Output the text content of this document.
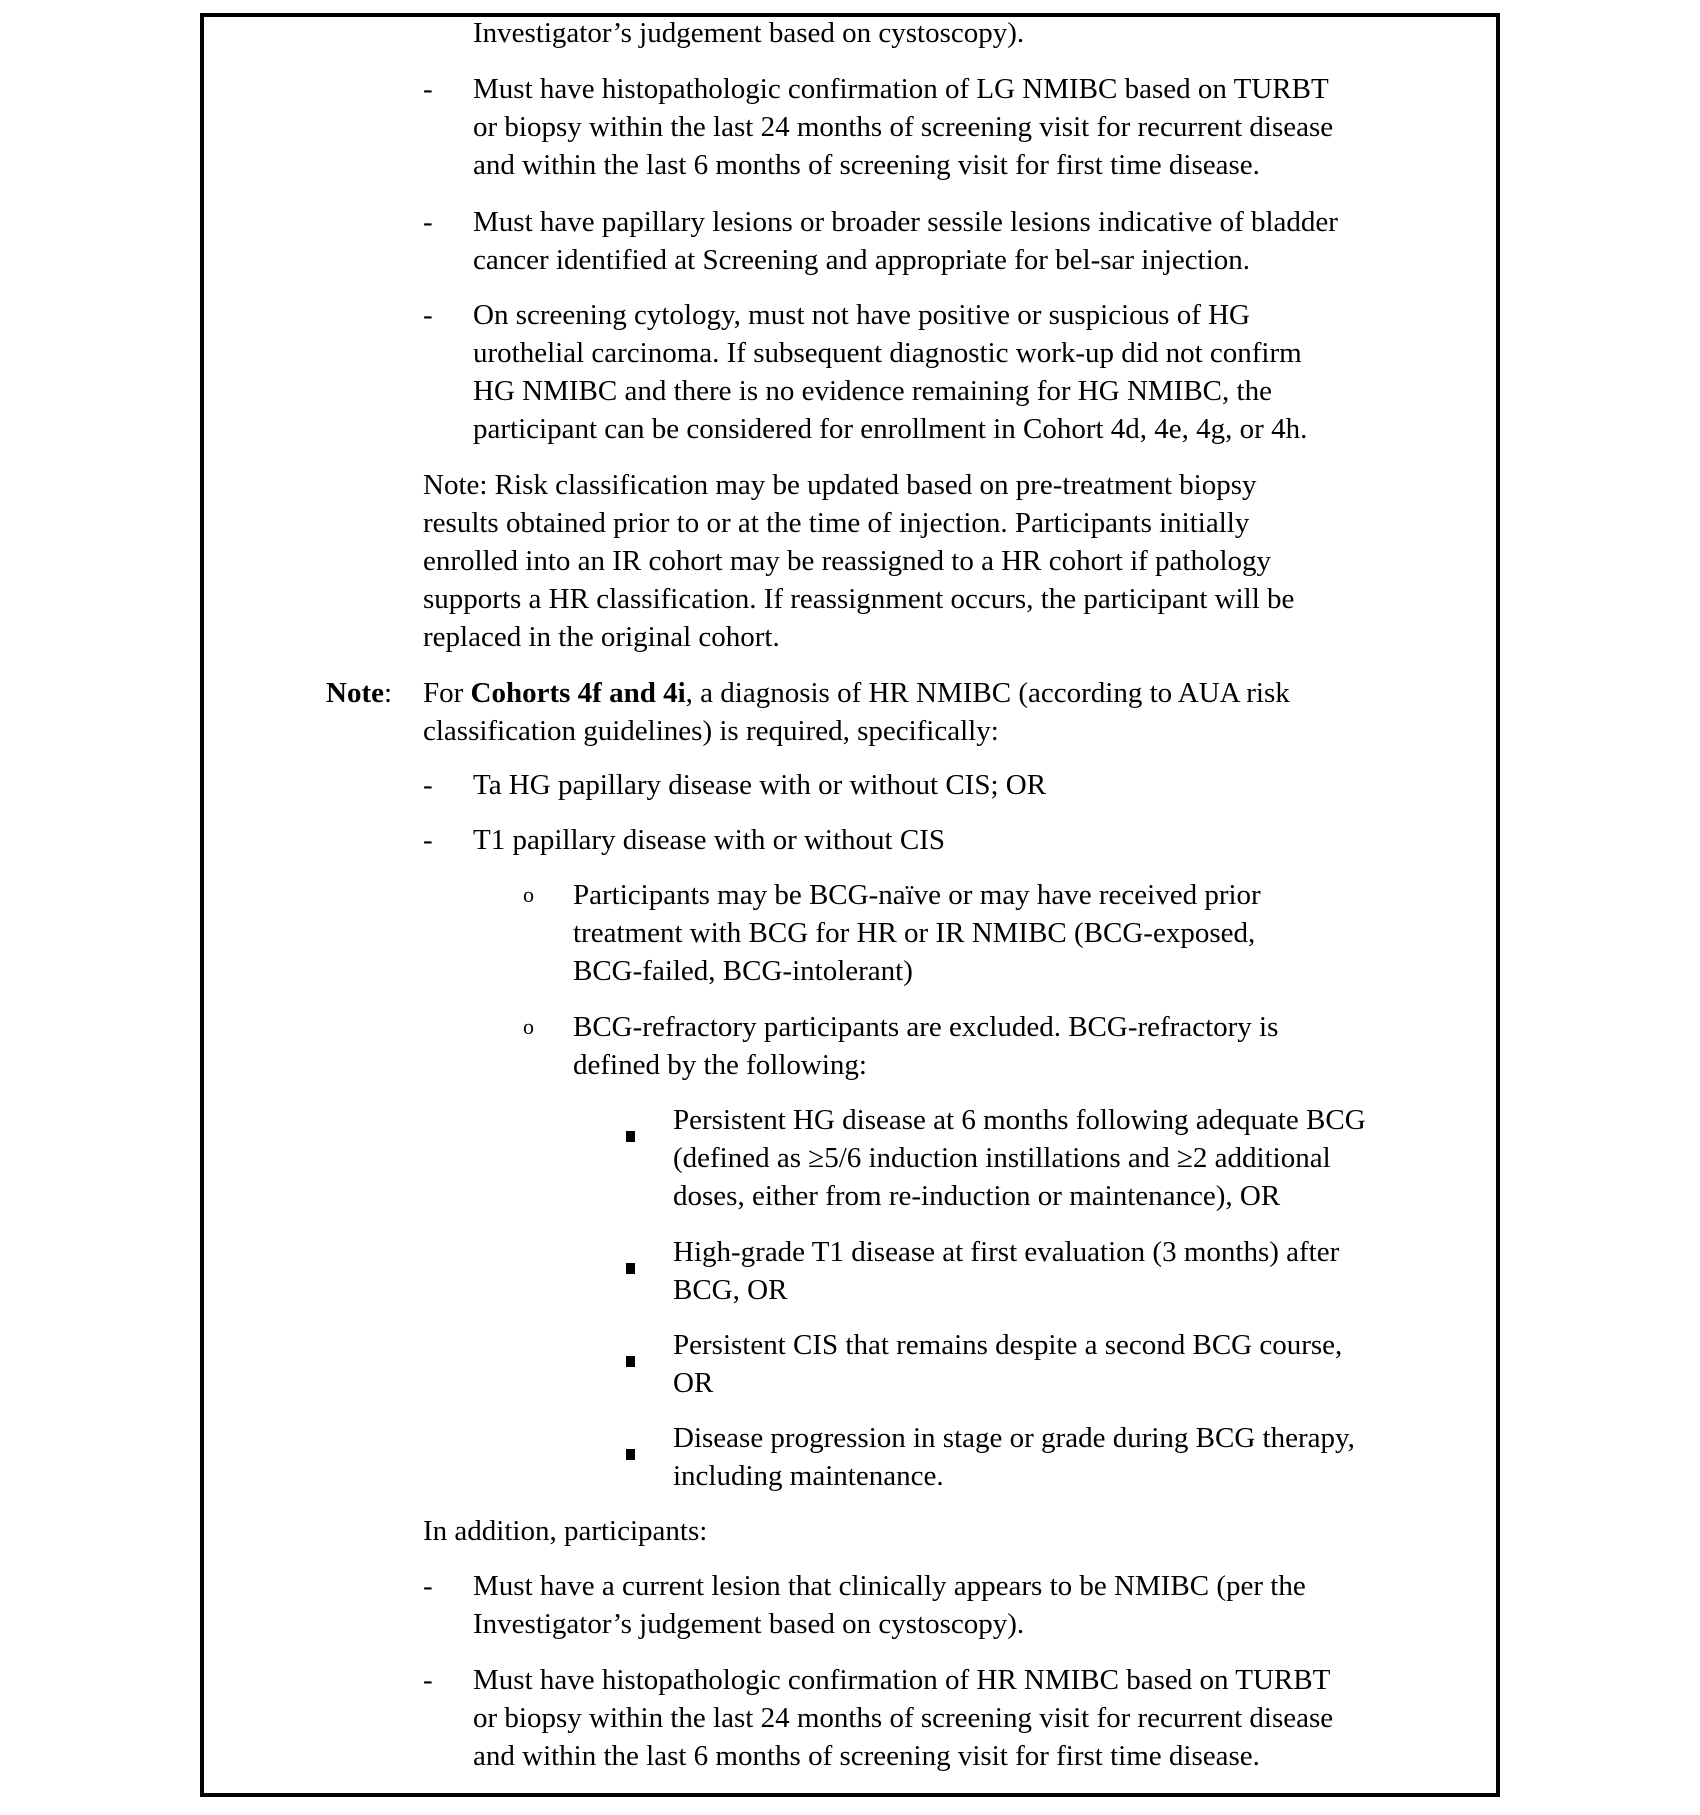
Investigator’s judgement based on cystoscopy).
- Must have histopathologic confirmation of LG NMIBC based on TURBT
or biopsy within the last 24 months of screening visit for recurrent disease
and within the last 6 months of screening visit for first time disease.
- Must have papillary lesions or broader sessile lesions indicative of bladder
cancer identified at Screening and appropriate for bel-sar injection.
- On screening cytology, must not have positive or suspicious of HG
urothelial carcinoma. If subsequent diagnostic work-up did not confirm
HG NMIBC and there is no evidence remaining for HG NMIBC, the
participant can be considered for enrollment in Cohort 4d, 4e, 4g, or 4h.
Note: Risk classification may be updated based on pre-treatment biopsy
results obtained prior to or at the time of injection. Participants initially
enrolled into an IR cohort may be reassigned to a HR cohort if pathology
supports a HR classification. If reassignment occurs, the participant will be
replaced in the original cohort.
Note: For Cohorts 4f and 4i, a diagnosis of HR NMIBC (according to AUA risk
classification guidelines) is required, specifically:
- Ta HG papillary disease with or without CIS; OR
- T1 papillary disease with or without CIS
o Participants may be BCG-naïve or may have received prior
treatment with BCG for HR or IR NMIBC (BCG-exposed,
BCG-failed, BCG-intolerant)
o BCG-refractory participants are excluded. BCG-refractory is
defined by the following:
Persistent HG disease at 6 months following adequate BCG
(defined as ≥5/6 induction instillations and ≥2 additional
doses, either from re-induction or maintenance), OR
High-grade T1 disease at first evaluation (3 months) after
BCG, OR
Persistent CIS that remains despite a second BCG course,
OR
Disease progression in stage or grade during BCG therapy,
including maintenance.
In addition, participants:
- Must have a current lesion that clinically appears to be NMIBC (per the
Investigator’s judgement based on cystoscopy).
- Must have histopathologic confirmation of HR NMIBC based on TURBT
or biopsy within the last 24 months of screening visit for recurrent disease
and within the last 6 months of screening visit for first time disease.
